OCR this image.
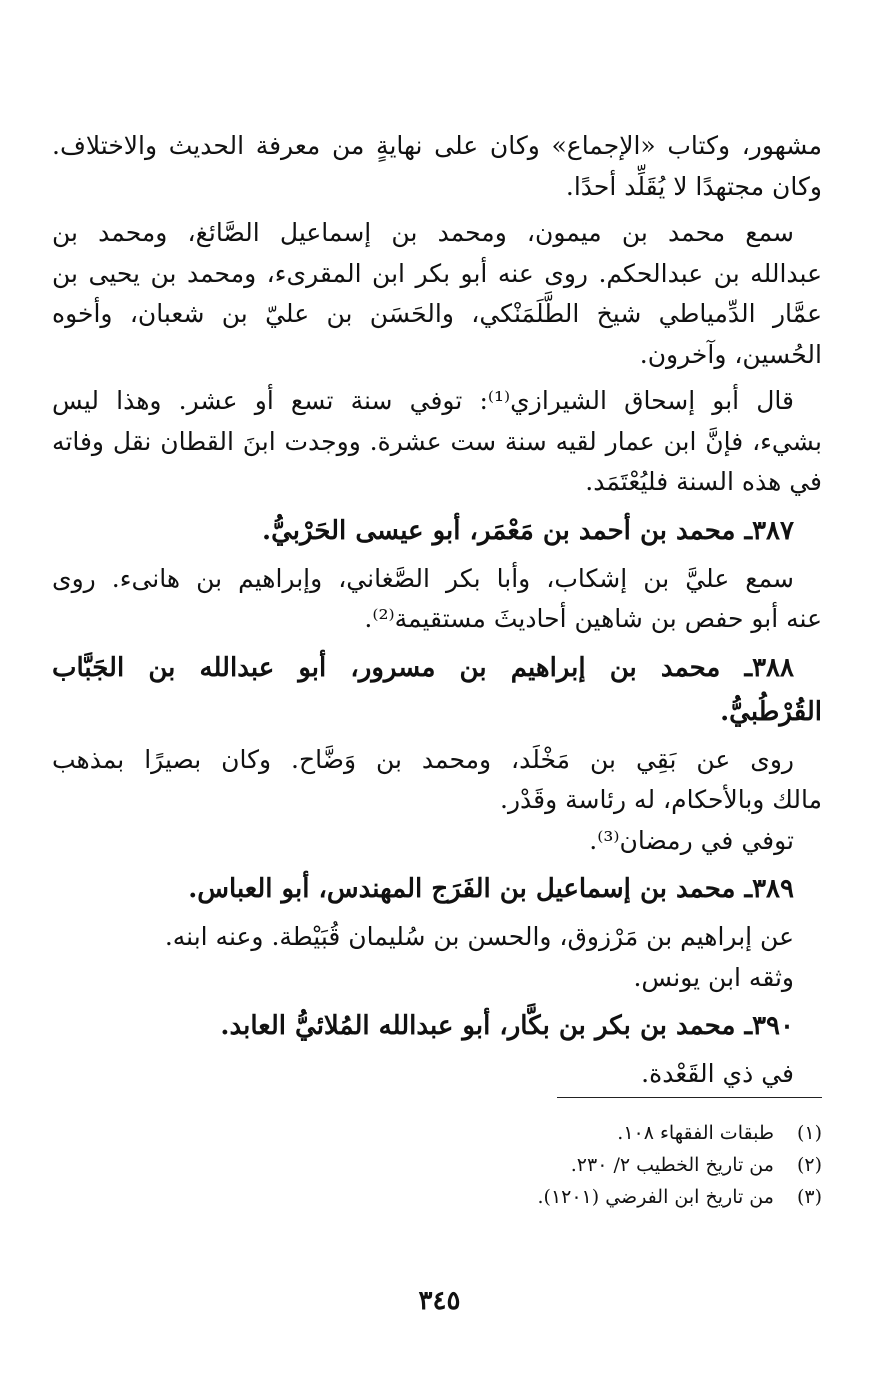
مشهور، وكتاب «الإجماع» وكان على نهايةٍ من معرفة الحديث والاختلاف.
وكان مجتهدًا لا يُقَلِّد أحدًا.
سمع محمد بن ميمون، ومحمد بن إسماعيل الصَّائغ، ومحمد بن
عبدالله بن عبدالحكم. روى عنه أبو بكر ابن المقرىء، ومحمد بن يحيى بن
عمَّار الدِّمياطي شيخ الطَّلَمَنْكي، والحَسَن بن عليّ بن شعبان، وأخوه
الحُسين، وآخرون.
قال أبو إسحاق الشيرازي⁽¹⁾: توفي سنة تسع أو عشر. وهذا ليس
بشيء، فإنَّ ابن عمار لقيه سنة ست عشرة. ووجدت ابنَ القطان نقل وفاته
في هذه السنة فليُعْتَمَد.
٣٨٧ـ محمد بن أحمد بن مَعْمَر، أبو عيسى الحَرْبيُّ.
سمع عليَّ بن إشكاب، وأبا بكر الصَّغاني، وإبراهيم بن هانىء. روى
عنه أبو حفص بن شاهين أحاديثَ مستقيمة⁽²⁾.
٣٨٨ـ محمد بن إبراهيم بن مسرور، أبو عبدالله بن الجَبَّاب
القُرْطُبيُّ.
روى عن بَقِي بن مَخْلَد، ومحمد بن وَضَّاح. وكان بصيرًا بمذهب
مالك وبالأحكام، له رئاسة وقَدْر.
توفي في رمضان⁽³⁾.
٣٨٩ـ محمد بن إسماعيل بن الفَرَج المهندس، أبو العباس.
عن إبراهيم بن مَرْزوق، والحسن بن سُليمان قُبَيْطة. وعنه ابنه.
وثقه ابن يونس.
٣٩٠ـ محمد بن بكر بن بكَّار، أبو عبدالله المُلائيُّ العابد.
في ذي القَعْدة.
(١) طبقات الفقهاء ١٠٨.
(٢) من تاريخ الخطيب ٢/ ٢٣٠.
(٣) من تاريخ ابن الفرضي (١٢٠١).
٣٤٥
